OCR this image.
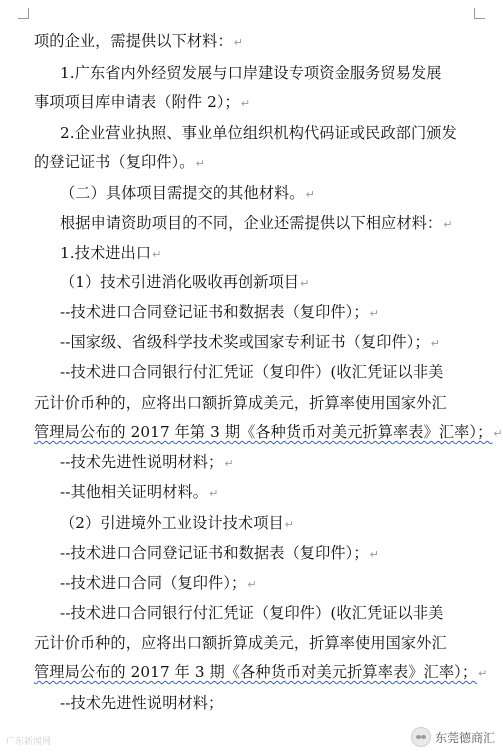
项的企业，需提供以下材料：↵
1.广东省内外经贸发展与口岸建设专项资金服务贸易发展
事项项目库申请表（附件 2）；↵
2.企业营业执照、事业单位组织机构代码证或民政部门颁发
的登记证书（复印件）。↵
（二）具体项目需提交的其他材料。↵
根据申请资助项目的不同，企业还需提供以下相应材料：↵
1.技术进出口↵
（1）技术引进消化吸收再创新项目↵
--技术进口合同登记证书和数据表（复印件）；↵
--国家级、省级科学技术奖或国家专利证书（复印件）；↵
--技术进口合同银行付汇凭证（复印件）(收汇凭证以非美
元计价币种的，应将出口额折算成美元，折算率使用国家外汇
管理局公布的 2017 年第 3 期《各种货币对美元折算率表》汇率）；↵
--技术先进性说明材料；↵
--其他相关证明材料。↵
（2）引进境外工业设计技术项目↵
--技术进口合同登记证书和数据表（复印件）；↵
--技术进口合同（复印件）；↵
--技术进口合同银行付汇凭证（复印件）(收汇凭证以非美
元计价币种的，应将出口额折算成美元，折算率使用国家外汇
管理局公布的 2017 年 3 期《各种货币对美元折算率表》汇率）；↵
--技术先进性说明材料；
广东新闻网	东莞德商汇
